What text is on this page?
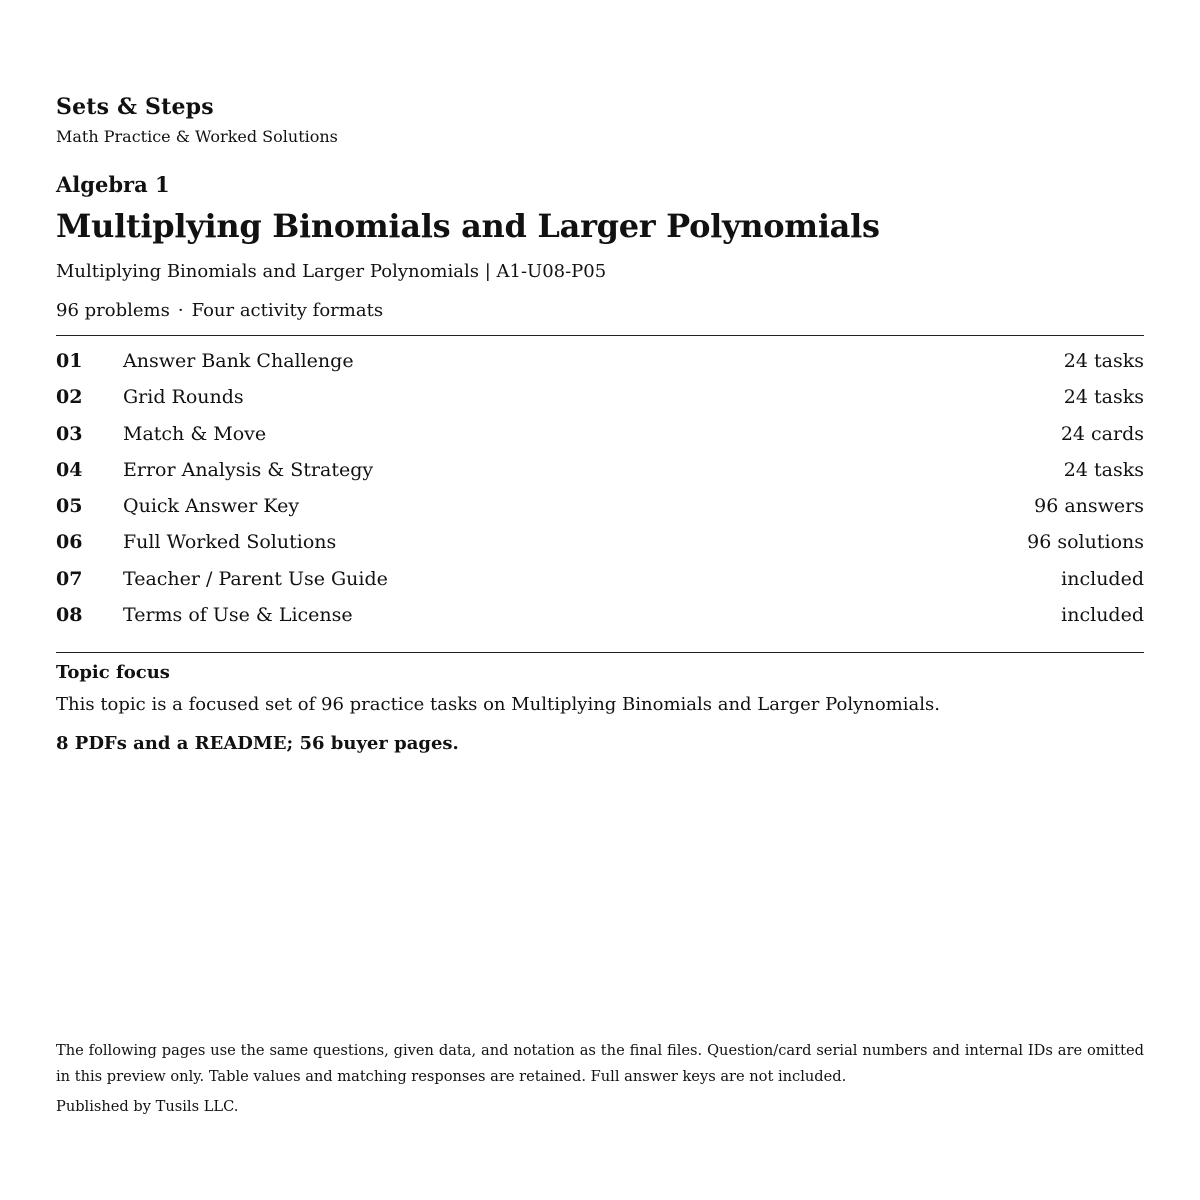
Sets & Steps
Math Practice & Worked Solutions
Algebra 1
Multiplying Binomials and Larger Polynomials
Multiplying Binomials and Larger Polynomials | A1-U08-P05
96 problems · Four activity formats
01 Answer Bank Challenge	24 tasks
02 Grid Rounds	24 tasks
03 Match & Move	24 cards
04 Error Analysis & Strategy	24 tasks
05 Quick Answer Key	96 answers
06 Full Worked Solutions	96 solutions
07 Teacher / Parent Use Guide	included
08 Terms of Use & License	included
Topic focus
This topic is a focused set of 96 practice tasks on Multiplying Binomials and Larger Polynomials.
8 PDFs and a README; 56 buyer pages.
The following pages use the same questions, given data, and notation as the final files. Question/card serial numbers and internal IDs are omitted in this preview only. Table values and matching responses are retained. Full answer keys are not included.
Published by Tusils LLC.
